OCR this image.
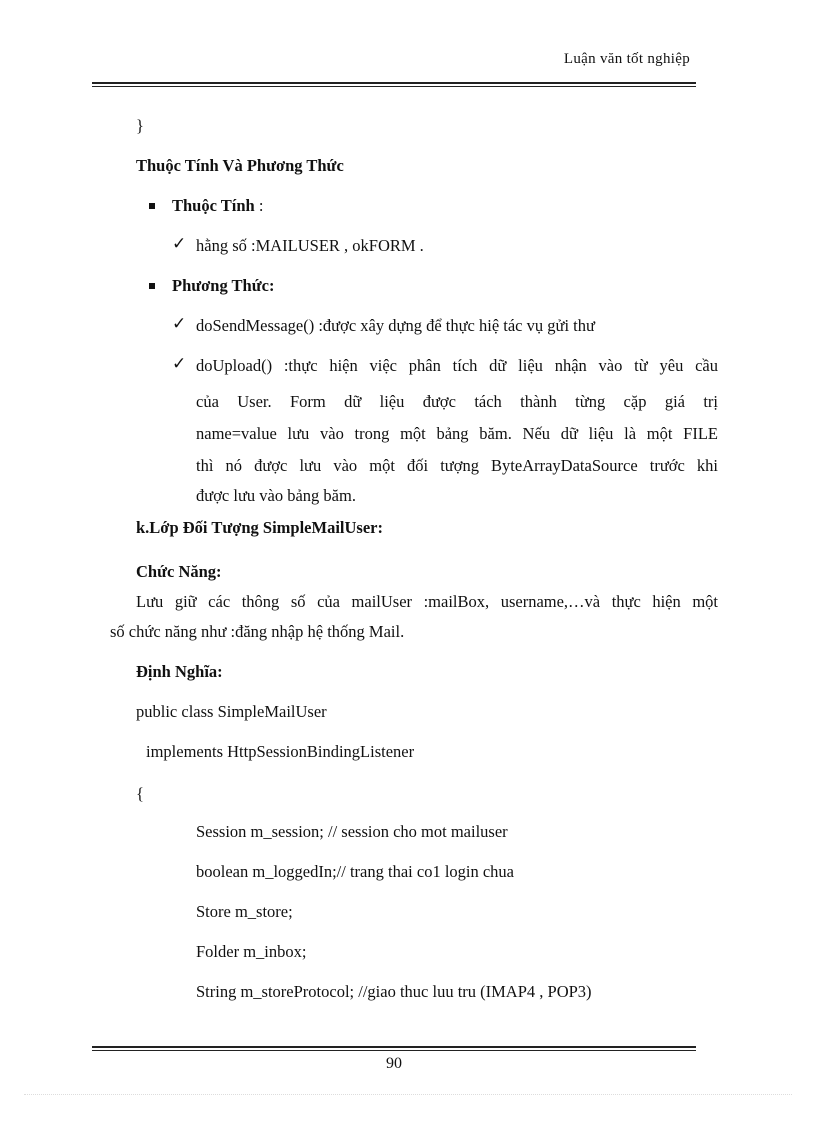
Luận văn tốt nghiệp
}
Thuộc Tính Và Phương Thức
Thuộc Tính :
✓ hằng số :MAILUSER , okFORM .
Phương Thức:
✓ doSendMessage() :được xây dựng để thực hiệ tác vụ gửi thư
✓ doUpload() :thực hiện việc phân tích dữ liệu nhận vào từ yêu cầu
của User. Form dữ liệu được tách thành từng cặp giá trị
name=value lưu vào trong một bảng băm. Nếu dữ liệu là một FILE
thì nó được lưu vào một đối tượng ByteArrayDataSource trước khi
được lưu vào bảng băm.
k.Lớp Đối Tượng SimpleMailUser:
Chức Năng:
Lưu giữ các thông số của mailUser :mailBox, username,…và thực hiện một
số chức năng như :đăng nhập hệ thống Mail.
Định Nghĩa:
public class SimpleMailUser
implements HttpSessionBindingListener
{
Session m_session; // session cho mot mailuser
boolean m_loggedIn;// trang thai co1 login chua
Store m_store;
Folder m_inbox;
String m_storeProtocol; //giao thuc luu tru (IMAP4 , POP3)
90
